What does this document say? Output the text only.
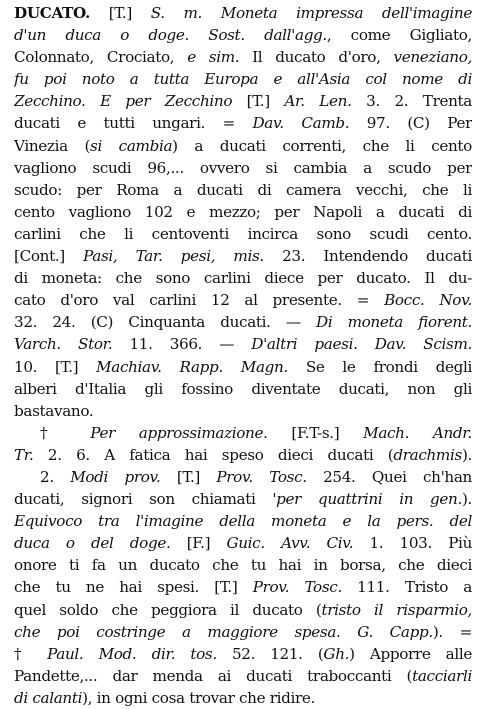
DUCATO. [T.] S. m. Moneta impressa dell'imagine
d'un duca o doge. Sost. dall'agg., come Gigliato,
Colonnato, Crociato, e sim. Il ducato d'oro, veneziano,
fu poi noto a tutta Europa e all'Asia col nome di
Zecchino. E per Zecchino [T.] Ar. Len. 3. 2. Trenta
ducati e tutti ungari. = Dav. Camb. 97. (C) Per
Vinezia (si cambia) a ducati correnti, che li cento
vagliono scudi 96,... ovvero si cambia a scudo per
scudo: per Roma a ducati di camera vecchi, che li
cento vagliono 102 e mezzo; per Napoli a ducati di
carlini che li centoventi incirca sono scudi cento.
[Cont.] Pasi, Tar. pesi, mis. 23. Intendendo ducati
di moneta: che sono carlini diece per ducato. Il du-
cato d'oro val carlini 12 al presente. = Bocc. Nov.
32. 24. (C) Cinquanta ducati. — Di moneta fiorent.
Varch. Stor. 11. 366. — D'altri paesi. Dav. Scism.
10. [T.] Machiav. Rapp. Magn. Se le frondi degli
alberi d'Italia gli fossino diventate ducati, non gli
bastavano.
† Per approssimazione. [F.T-s.] Mach. Andr.
Tr. 2. 6. A fatica hai speso dieci ducati (drachmis).
2. Modi prov. [T.] Prov. Tosc. 254. Quei ch'han
ducati, signori son chiamati 'per quattrini in gen.).
Equivoco tra l'imagine della moneta e la pers. del
duca o del doge. [F.] Guic. Avv. Civ. 1. 103. Più
onore ti fa un ducato che tu hai in borsa, che dieci
che tu ne hai spesi. [T.] Prov. Tosc. 111. Tristo a
quel soldo che peggiora il ducato (tristo il risparmio,
che poi costringe a maggiore spesa. G. Capp.). =
† Paul. Mod. dir. tos. 52. 121. (Gh.) Apporre alle
Pandette,... dar menda ai ducati traboccanti (tacciarli
di calanti), in ogni cosa trovar che ridire.
